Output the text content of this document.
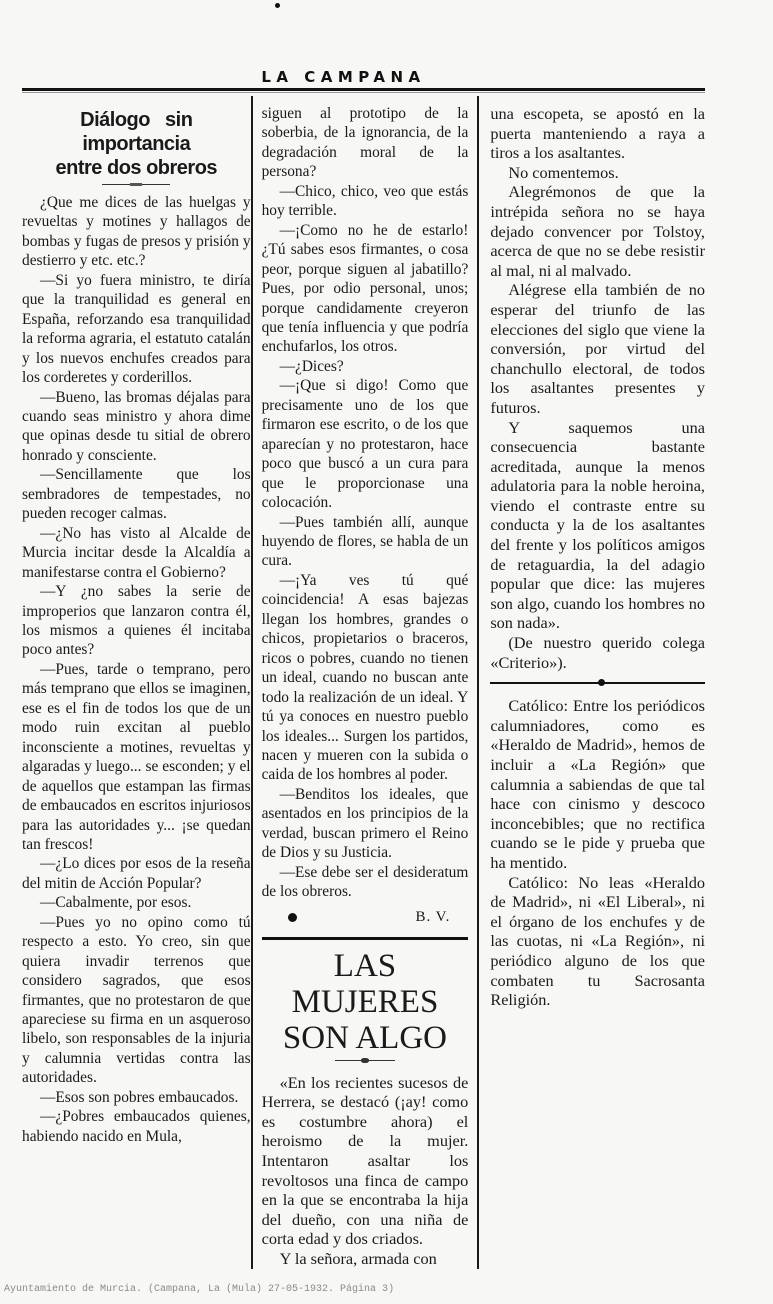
LA CAMPANA
Diálogo sin importancia
entre dos obreros

¿Que me dices de las huelgas y revueltas y motines y hallagos de bombas y fugas de presos y prisión y destierro y etc. etc.?

—Si yo fuera ministro, te diría que la tranquilidad es general en España, reforzando esa tranquilidad la reforma agraria, el estatuto catalán y los nuevos enchufes creados para los corderetes y corderillos.

—Bueno, las bromas déjalas para cuando seas ministro y ahora dime que opinas desde tu sitial de obrero honrado y consciente.

—Sencillamente que los sembradores de tempestades, no pueden recoger calmas.

—¿No has visto al Alcalde de Murcia incitar desde la Alcaldía a manifestarse contra el Gobierno?

—Y ¿no sabes la serie de improperios que lanzaron contra él, los mismos a quienes él incitaba poco antes?

—Pues, tarde o temprano, pero más temprano que ellos se imaginen, ese es el fin de todos los que de un modo ruin excitan al pueblo inconsciente a motines, revueltas y algaradas y luego... se esconden; y el de aquellos que estampan las firmas de embaucados en escritos injuriosos para las autoridades y... ¡se quedan tan frescos!

—¿Lo dices por esos de la reseña del mitin de Acción Popular?

—Cabalmente, por esos.

—Pues yo no opino como tú respecto a esto. Yo creo, sin que quiera invadir terrenos que considero sagrados, que esos firmantes, que no protestaron de que apareciese su firma en un asqueroso libelo, son responsables de la injuria y calumnia vertidas contra las autoridades.

—Esos son pobres embaucados.

—¿Pobres embaucados quienes, habiendo nacido en Mula,

siguen al prototipo de la soberbia, de la ignorancia, de la degradación moral de la persona?

—Chico, chico, veo que estás hoy terrible.

—¡Como no he de estarlo! ¿Tú sabes esos firmantes, o cosa peor, porque siguen al jabatillo? Pues, por odio personal, unos; porque candidamente creyeron que tenía influencia y que podría enchufarlos, los otros.

—¿Dices?

—¡Que si digo! Como que precisamente uno de los que firmaron ese escrito, o de los que aparecían y no protestaron, hace poco que buscó a un cura para que le proporcionase una colocación.

—Pues también allí, aunque huyendo de flores, se habla de un cura.

—¡Ya ves tú qué coincidencia! A esas bajezas llegan los hombres, grandes o chicos, propietarios o braceros, ricos o pobres, cuando no tienen un ideal, cuando no buscan ante todo la realización de un ideal. Y tú ya conoces en nuestro pueblo los ideales... Surgen los partidos, nacen y mueren con la subida o caida de los hombres al poder.

—Benditos los ideales, que asentados en los principios de la verdad, buscan primero el Reino de Dios y su Justicia.

—Ese debe ser el desideratum de los obreros.

B. V.
LAS MUJERES
SON ALGO

«En los recientes sucesos de Herrera, se destacó (¡ay! como es costumbre ahora) el heroismo de la mujer. Intentaron asaltar los revoltosos una finca de campo en la que se encontraba la hija del dueño, con una niña de corta edad y dos criados.

Y la señora, armada con

una escopeta, se apostó en la puerta manteniendo a raya a tiros a los asaltantes.

No comentemos.

Alegrémonos de que la intrépida señora no se haya dejado convencer por Tolstoy, acerca de que no se debe resistir al mal, ni al malvado.

Alégrese ella también de no esperar del triunfo de las elecciones del siglo que viene la conversión, por virtud del chanchullo electoral, de todos los asaltantes presentes y futuros.

Y saquemos una consecuencia bastante acreditada, aunque la menos adulatoria para la noble heroina, viendo el contraste entre su conducta y la de los asaltantes del frente y los políticos amigos de retaguardia, la del adagio popular que dice: las mujeres son algo, cuando los hombres no son nada».

(De nuestro querido colega «Criterio»).

Católico: Entre los periódicos calumniadores, como es «Heraldo de Madrid», hemos de incluir a «La Región» que calumnia a sabiendas de que tal hace con cinismo y descoco inconcebibles; que no rectifica cuando se le pide y prueba que ha mentido.

Católico: No leas «Heraldo de Madrid», ni «El Liberal», ni el órgano de los enchufes y de las cuotas, ni «La Región», ni periódico alguno de los que combaten tu Sacrosanta Religión.

Ayuntamiento de Murcia. (Campana, La (Mula) 27-05-1932. Página 3)
